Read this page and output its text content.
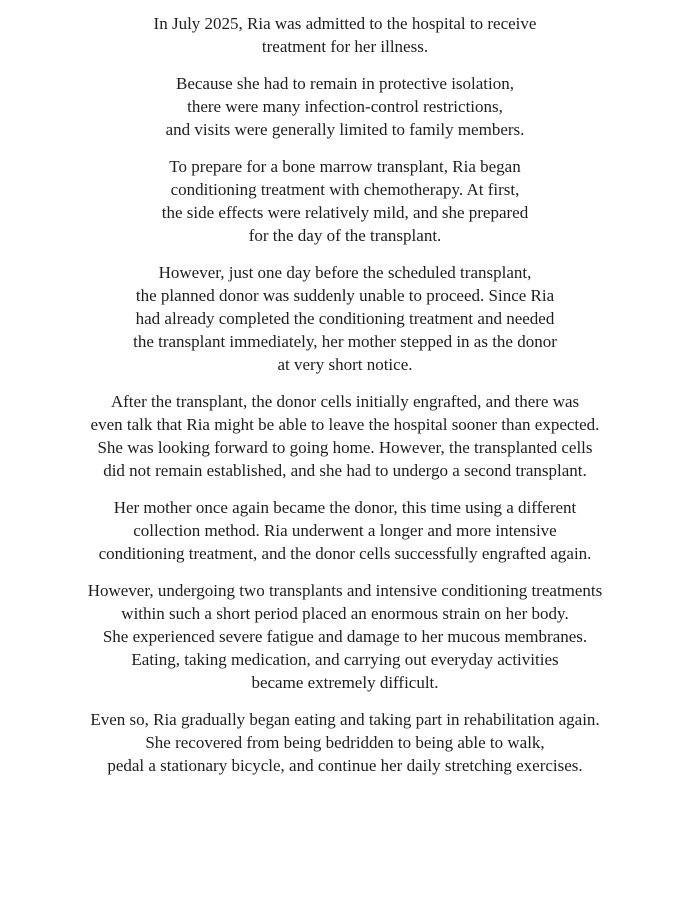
In July 2025, Ria was admitted to the hospital to receive
treatment for her illness.

Because she had to remain in protective isolation,
there were many infection-control restrictions,
and visits were generally limited to family members.

To prepare for a bone marrow transplant, Ria began
conditioning treatment with chemotherapy. At first,
the side effects were relatively mild, and she prepared
for the day of the transplant.

However, just one day before the scheduled transplant,
the planned donor was suddenly unable to proceed. Since Ria
had already completed the conditioning treatment and needed
the transplant immediately, her mother stepped in as the donor
at very short notice.

After the transplant, the donor cells initially engrafted, and there was
even talk that Ria might be able to leave the hospital sooner than expected.
She was looking forward to going home. However, the transplanted cells
did not remain established, and she had to undergo a second transplant.

Her mother once again became the donor, this time using a different
collection method. Ria underwent a longer and more intensive
conditioning treatment, and the donor cells successfully engrafted again.

However, undergoing two transplants and intensive conditioning treatments
within such a short period placed an enormous strain on her body.
She experienced severe fatigue and damage to her mucous membranes.
Eating, taking medication, and carrying out everyday activities
became extremely difficult.

Even so, Ria gradually began eating and taking part in rehabilitation again.
She recovered from being bedridden to being able to walk,
pedal a stationary bicycle, and continue her daily stretching exercises.
